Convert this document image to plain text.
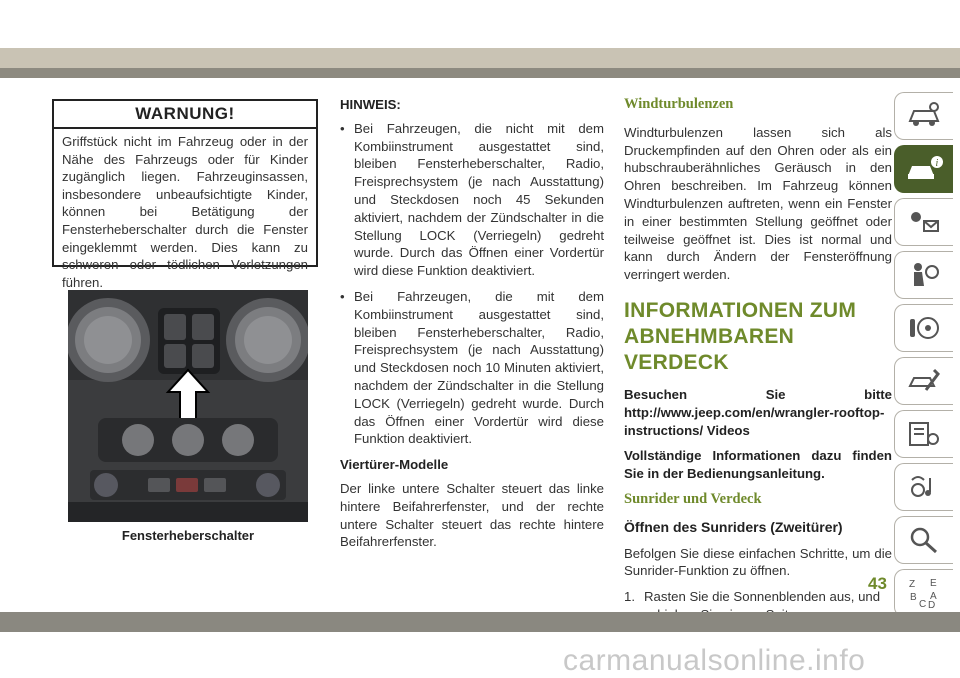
WARNUNG!
Griffstück nicht im Fahrzeug oder in der Nähe des Fahrzeugs oder für Kinder zugänglich liegen. Fahrzeuginsassen, insbesondere unbeaufsichtigte Kinder, können bei Betätigung der Fensterheberschalter durch die Fenster eingeklemmt werden. Dies kann zu schweren oder tödlichen Verletzungen führen.
Fensterheberschalter

HINWEIS:

• Bei Fahrzeugen, die nicht mit dem Kombiinstrument ausgestattet sind, bleiben Fensterheberschalter, Radio, Freisprechsystem (je nach Ausstattung) und Steckdosen noch 45 Sekunden aktiviert, nachdem der Zündschalter in die Stellung LOCK (Verriegeln) gedreht wurde. Durch das Öffnen einer Vordertür wird diese Funktion deaktiviert.
• Bei Fahrzeugen, die mit dem Kombiinstrument ausgestattet sind, bleiben Fensterheberschalter, Radio, Freisprechsystem (je nach Ausstattung) und Steckdosen noch 10 Minuten aktiviert, nachdem der Zündschalter in die Stellung LOCK (Verriegeln) gedreht wurde. Durch das Öffnen einer Vordertür wird diese Funktion deaktiviert.

Viertürer-Modelle

Der linke untere Schalter steuert das linke hintere Beifahrerfenster, und der rechte untere Schalter steuert das rechte hintere Beifahrerfenster.

Windturbulenzen

Windturbulenzen lassen sich als Druckempfinden auf den Ohren oder als ein hubschrauberähnliches Geräusch in den Ohren beschreiben. Im Fahrzeug können Windturbulenzen auftreten, wenn ein Fenster in einer bestimmten Stellung geöffnet oder teilweise geöffnet ist. Dies ist normal und kann durch Ändern der Fensteröffnung verringert werden.

INFORMATIONEN ZUM ABNEHMBAREN VERDECK

Besuchen Sie bitte http://www.jeep.com/en/wrangler-rooftop-instructions/ Videos

Vollständige Informationen dazu finden Sie in der Bedienungsanleitung.

Sunrider und Verdeck

Öffnen des Sunriders (Zweitürer)

Befolgen Sie diese einfachen Schritte, um die Sunrider-Funktion zu öffnen.

1. Rasten Sie die Sonnenblenden aus, und
i
Z E
B A
C D
43
carmanualsonline.info
